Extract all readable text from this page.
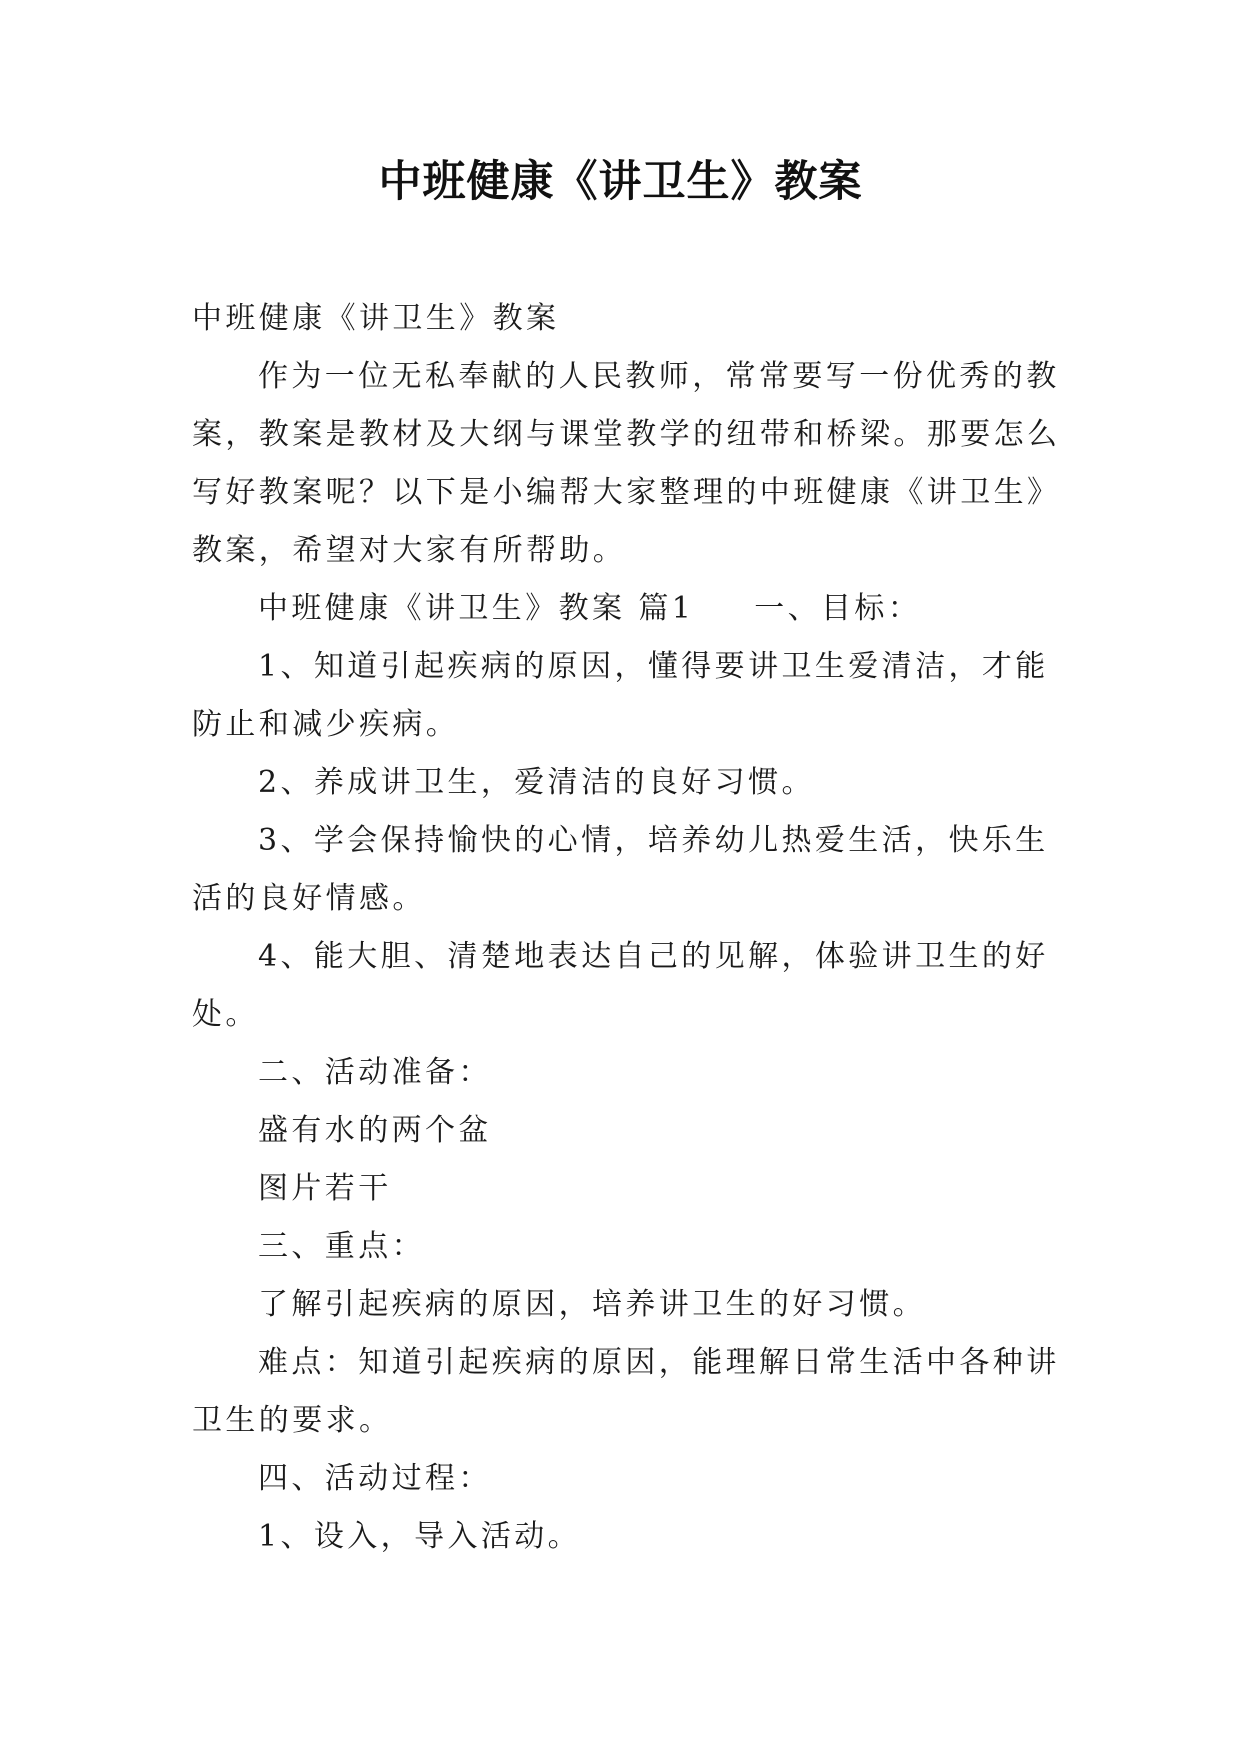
中班健康《讲卫生》教案

中班健康《讲卫生》教案

作为一位无私奉献的人民教师，常常要写一份优秀的教案，教案是教材及大纲与课堂教学的纽带和桥梁。那要怎么写好教案呢？以下是小编帮大家整理的中班健康《讲卫生》教案，希望对大家有所帮助。

中班健康《讲卫生》教案 篇1 一、目标：

1、知道引起疾病的原因，懂得要讲卫生爱清洁，才能防止和减少疾病。

2、养成讲卫生，爱清洁的良好习惯。

3、学会保持愉快的心情，培养幼儿热爱生活，快乐生活的良好情感。

4、能大胆、清楚地表达自己的见解，体验讲卫生的好处。

二、活动准备：

盛有水的两个盆

图片若干

三、重点：

了解引起疾病的原因，培养讲卫生的好习惯。

难点：知道引起疾病的原因，能理解日常生活中各种讲卫生的要求。

四、活动过程：

1、设入，导入活动。
